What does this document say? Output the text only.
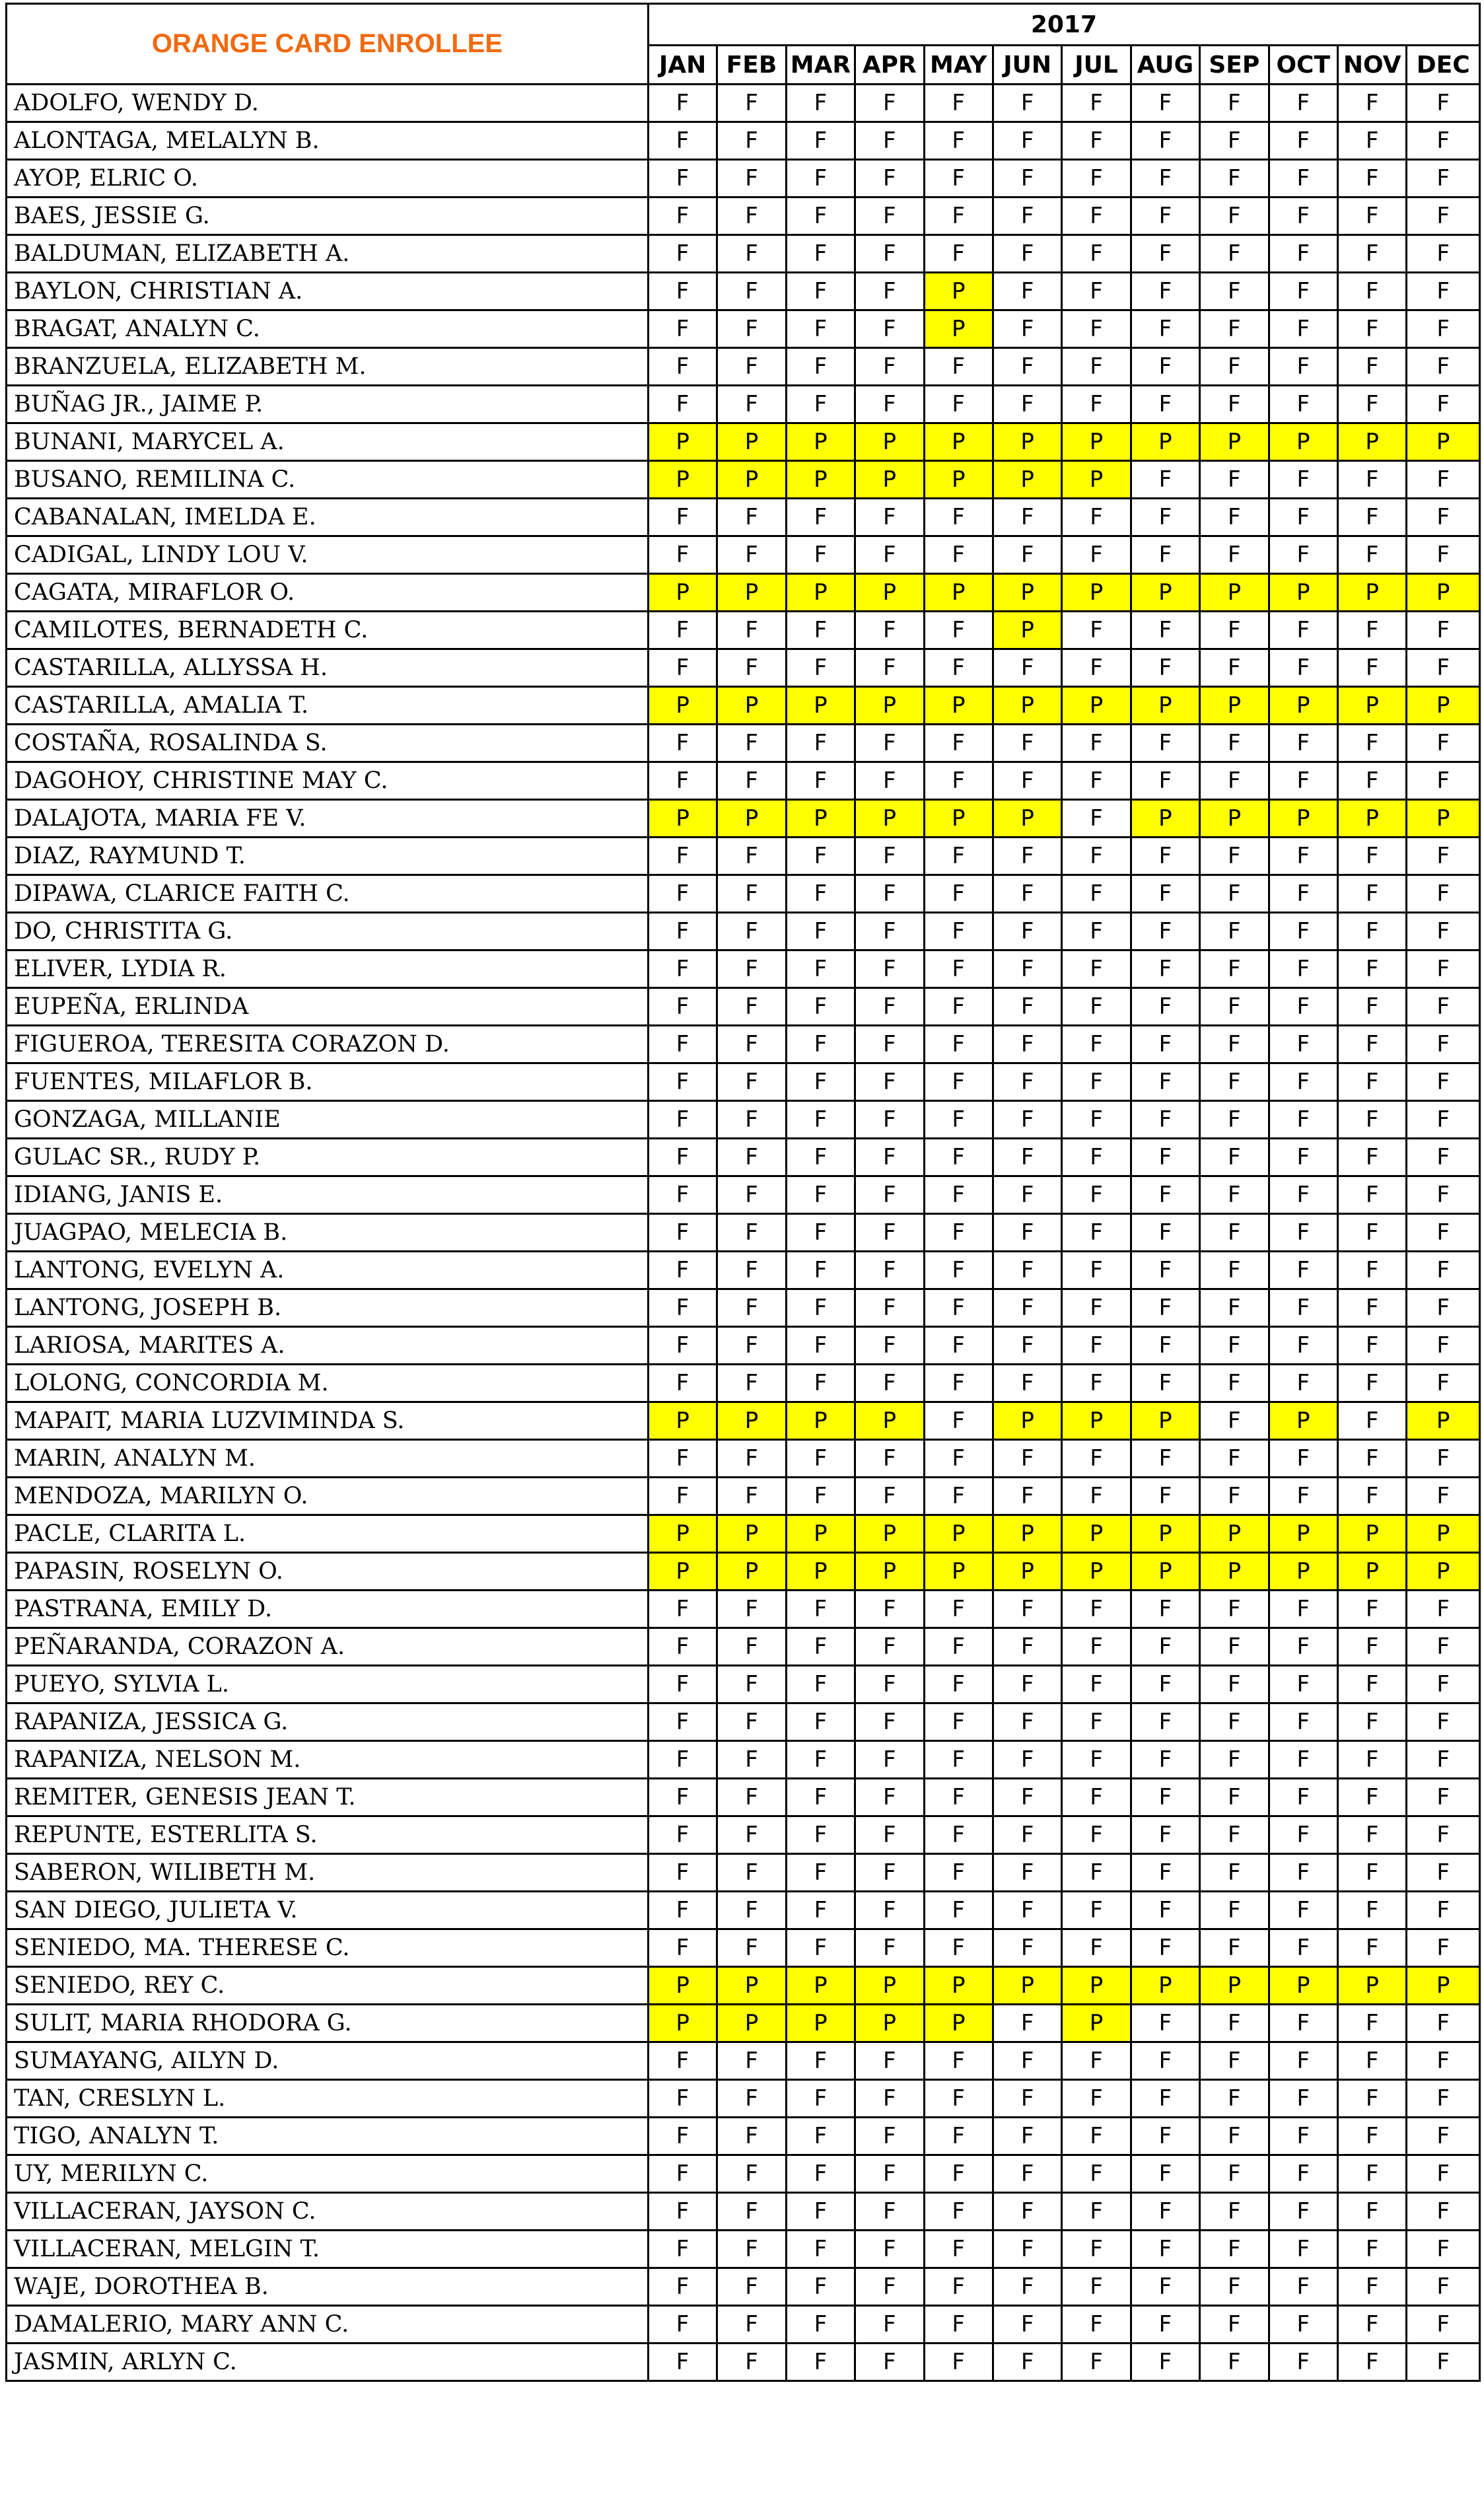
ORANGE CARD ENROLLEE	2017											
	JAN	FEB	MAR	APR	MAY	JUN	JUL	AUG	SEP	OCT	NOV	DEC
ADOLFO, WENDY D.	F	F	F	F	F	F	F	F	F	F	F	F
ALONTAGA, MELALYN B.	F	F	F	F	F	F	F	F	F	F	F	F
AYOP, ELRIC O.	F	F	F	F	F	F	F	F	F	F	F	F
BAES, JESSIE G.	F	F	F	F	F	F	F	F	F	F	F	F
BALDUMAN, ELIZABETH A.	F	F	F	F	F	F	F	F	F	F	F	F
BAYLON, CHRISTIAN A.	F	F	F	F	P	F	F	F	F	F	F	F
BRAGAT, ANALYN C.	F	F	F	F	P	F	F	F	F	F	F	F
BRANZUELA, ELIZABETH M.	F	F	F	F	F	F	F	F	F	F	F	F
BUÑAG JR., JAIME P.	F	F	F	F	F	F	F	F	F	F	F	F
BUNANI, MARYCEL A.	P	P	P	P	P	P	P	P	P	P	P	P
BUSANO, REMILINA C.	P	P	P	P	P	P	P	F	F	F	F	F
CABANALAN, IMELDA E.	F	F	F	F	F	F	F	F	F	F	F	F
CADIGAL, LINDY LOU V.	F	F	F	F	F	F	F	F	F	F	F	F
CAGATA, MIRAFLOR O.	P	P	P	P	P	P	P	P	P	P	P	P
CAMILOTES, BERNADETH C.	F	F	F	F	F	P	F	F	F	F	F	F
CASTARILLA, ALLYSSA H.	F	F	F	F	F	F	F	F	F	F	F	F
CASTARILLA, AMALIA T.	P	P	P	P	P	P	P	P	P	P	P	P
COSTAÑA, ROSALINDA S.	F	F	F	F	F	F	F	F	F	F	F	F
DAGOHOY, CHRISTINE MAY C.	F	F	F	F	F	F	F	F	F	F	F	F
DALAJOTA, MARIA FE V.	P	P	P	P	P	P	F	P	P	P	P	P
DIAZ, RAYMUND T.	F	F	F	F	F	F	F	F	F	F	F	F
DIPAWA, CLARICE FAITH C.	F	F	F	F	F	F	F	F	F	F	F	F
DO, CHRISTITA G.	F	F	F	F	F	F	F	F	F	F	F	F
ELIVER, LYDIA R.	F	F	F	F	F	F	F	F	F	F	F	F
EUPEÑA, ERLINDA	F	F	F	F	F	F	F	F	F	F	F	F
FIGUEROA, TERESITA CORAZON D.	F	F	F	F	F	F	F	F	F	F	F	F
FUENTES, MILAFLOR B.	F	F	F	F	F	F	F	F	F	F	F	F
GONZAGA, MILLANIE	F	F	F	F	F	F	F	F	F	F	F	F
GULAC SR., RUDY P.	F	F	F	F	F	F	F	F	F	F	F	F
IDIANG, JANIS E.	F	F	F	F	F	F	F	F	F	F	F	F
JUAGPAO, MELECIA B.	F	F	F	F	F	F	F	F	F	F	F	F
LANTONG, EVELYN A.	F	F	F	F	F	F	F	F	F	F	F	F
LANTONG, JOSEPH B.	F	F	F	F	F	F	F	F	F	F	F	F
LARIOSA, MARITES A.	F	F	F	F	F	F	F	F	F	F	F	F
LOLONG, CONCORDIA M.	F	F	F	F	F	F	F	F	F	F	F	F
MAPAIT, MARIA LUZVIMINDA S.	P	P	P	P	F	P	P	P	F	P	F	P
MARIN, ANALYN M.	F	F	F	F	F	F	F	F	F	F	F	F
MENDOZA, MARILYN O.	F	F	F	F	F	F	F	F	F	F	F	F
PACLE, CLARITA L.	P	P	P	P	P	P	P	P	P	P	P	P
PAPASIN, ROSELYN O.	P	P	P	P	P	P	P	P	P	P	P	P
PASTRANA, EMILY D.	F	F	F	F	F	F	F	F	F	F	F	F
PEÑARANDA, CORAZON A.	F	F	F	F	F	F	F	F	F	F	F	F
PUEYO, SYLVIA L.	F	F	F	F	F	F	F	F	F	F	F	F
RAPANIZA, JESSICA G.	F	F	F	F	F	F	F	F	F	F	F	F
RAPANIZA, NELSON M.	F	F	F	F	F	F	F	F	F	F	F	F
REMITER, GENESIS JEAN T.	F	F	F	F	F	F	F	F	F	F	F	F
REPUNTE, ESTERLITA S.	F	F	F	F	F	F	F	F	F	F	F	F
SABERON, WILIBETH M.	F	F	F	F	F	F	F	F	F	F	F	F
SAN DIEGO, JULIETA V.	F	F	F	F	F	F	F	F	F	F	F	F
SENIEDO, MA. THERESE C.	F	F	F	F	F	F	F	F	F	F	F	F
SENIEDO, REY C.	P	P	P	P	P	P	P	P	P	P	P	P
SULIT, MARIA RHODORA G.	P	P	P	P	P	F	P	F	F	F	F	F
SUMAYANG, AILYN D.	F	F	F	F	F	F	F	F	F	F	F	F
TAN, CRESLYN L.	F	F	F	F	F	F	F	F	F	F	F	F
TIGO, ANALYN T.	F	F	F	F	F	F	F	F	F	F	F	F
UY, MERILYN C.	F	F	F	F	F	F	F	F	F	F	F	F
VILLACERAN, JAYSON C.	F	F	F	F	F	F	F	F	F	F	F	F
VILLACERAN, MELGIN T.	F	F	F	F	F	F	F	F	F	F	F	F
WAJE, DOROTHEA B.	F	F	F	F	F	F	F	F	F	F	F	F
DAMALERIO, MARY ANN C.	F	F	F	F	F	F	F	F	F	F	F	F
JASMIN, ARLYN C.	F	F	F	F	F	F	F	F	F	F	F	F
